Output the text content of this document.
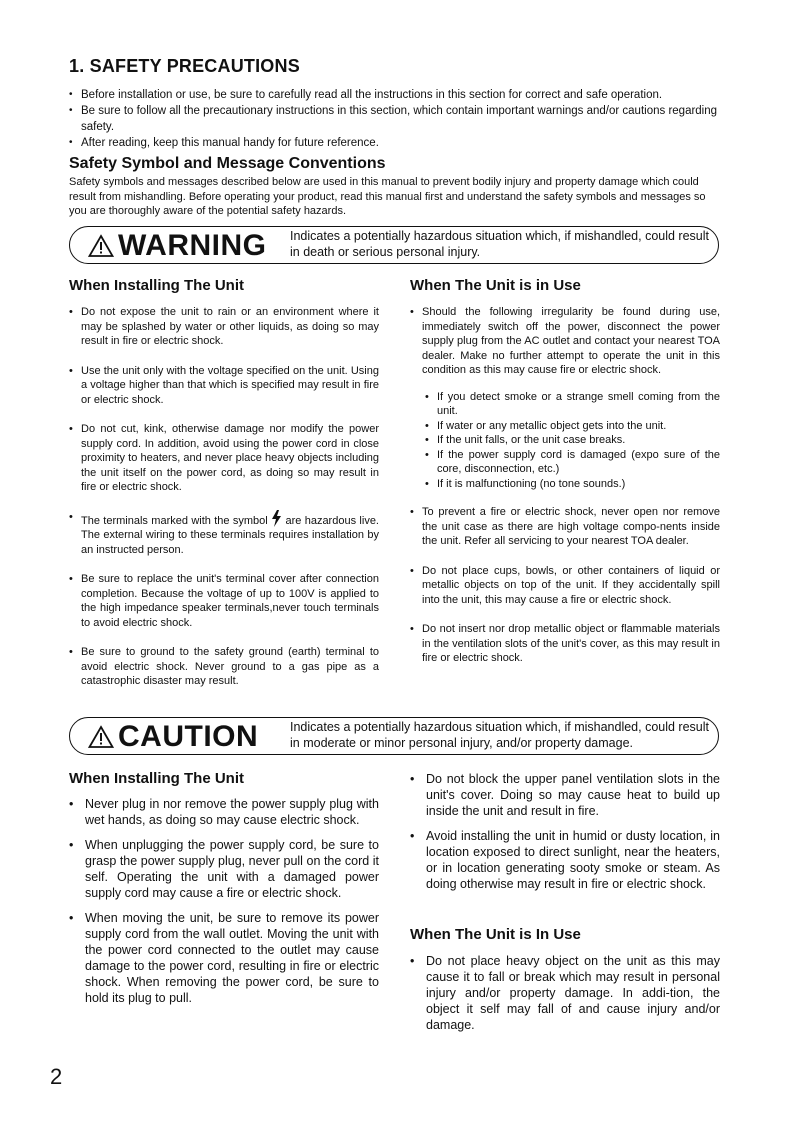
1. SAFETY PRECAUTIONS
• Before installation or use, be sure to carefully read all the instructions in this section for correct and safe operation.
• Be sure to follow all the precautionary instructions in this section, which contain important warnings and/or cautions regarding safety.
• After reading, keep this manual handy for future reference.
Safety Symbol and Message Conventions
Safety symbols and messages described below are used in this manual to prevent bodily injury and property damage which could result from mishandling. Before operating your product, read this manual first and understand the safety symbols and messages so you are thoroughly aware of the potential safety hazards.
WARNING Indicates a potentially hazardous situation which, if mishandled, could result in death or serious personal injury.
When Installing The Unit
• Do not expose the unit to rain or an environment where it may be splashed by water or other liquids, as doing so may result in fire or electric shock.
• Use the unit only with the voltage specified on the unit. Using a voltage higher than that which is specified may result in fire or electric shock.
• Do not cut, kink, otherwise damage nor modify the power supply cord. In addition, avoid using the power cord in close proximity to heaters, and never place heavy objects including the unit itself on the power cord, as doing so may result in fire or electric shock.
• The terminals marked with the symbol are hazardous live. The external wiring to these terminals requires installation by an instructed person.
• Be sure to replace the unit's terminal cover after connection completion. Because the voltage of up to 100V is applied to the high impedance speaker terminals,never touch terminals to avoid electric shock.
• Be sure to ground to the safety ground (earth) terminal to avoid electric shock. Never ground to a gas pipe as a catastrophic disaster may result.
When The Unit is in Use
• Should the following irregularity be found during use, immediately switch off the power, disconnect the power supply plug from the AC outlet and contact your nearest TOA dealer. Make no further attempt to operate the unit in this condition as this may cause fire or electric shock.
• If you detect smoke or a strange smell coming from the unit.
• If water or any metallic object gets into the unit.
• If the unit falls, or the unit case breaks.
• If the power supply cord is damaged (expo sure of the core, disconnection, etc.)
• If it is malfunctioning (no tone sounds.)
• To prevent a fire or electric shock, never open nor remove the unit case as there are high voltage compo-nents inside the unit. Refer all servicing to your nearest TOA dealer.
• Do not place cups, bowls, or other containers of liquid or metallic objects on top of the unit. If they accidentally spill into the unit, this may cause a fire or electric shock.
• Do not insert nor drop metallic object or flammable materials in the ventilation slots of the unit's cover, as this may result in fire or electric shock.
CAUTION	Indicates a potentially hazardous situation which, if mishandled, could result in moderate or minor personal injury, and/or property damage.
When Installing The Unit
• Never plug in nor remove the power supply plug with wet hands, as doing so may cause electric shock.
• When unplugging the power supply cord, be sure to grasp the power supply plug, never pull on the cord it self. Operating the unit with a damaged power supply cord may cause a fire or electric shock.
• When moving the unit, be sure to remove its power supply cord from the wall outlet. Moving the unit with the power cord connected to the outlet may cause damage to the power cord, resulting in fire or electric shock. When removing the power cord, be sure to hold its plug to pull.
• Do not block the upper panel ventilation slots in the unit's cover. Doing so may cause heat to build up inside the unit and result in fire.
• Avoid installing the unit in humid or dusty location, in location exposed to direct sunlight, near the heaters, or in location generating sooty smoke or steam. As doing otherwise may result in fire or electric shock.
When The Unit is In Use
• Do not place heavy object on the unit as this may cause it to fall or break which may result in personal injury and/or property damage. In addi-tion, the object it self may fall of and cause injury and/or damage.
2
